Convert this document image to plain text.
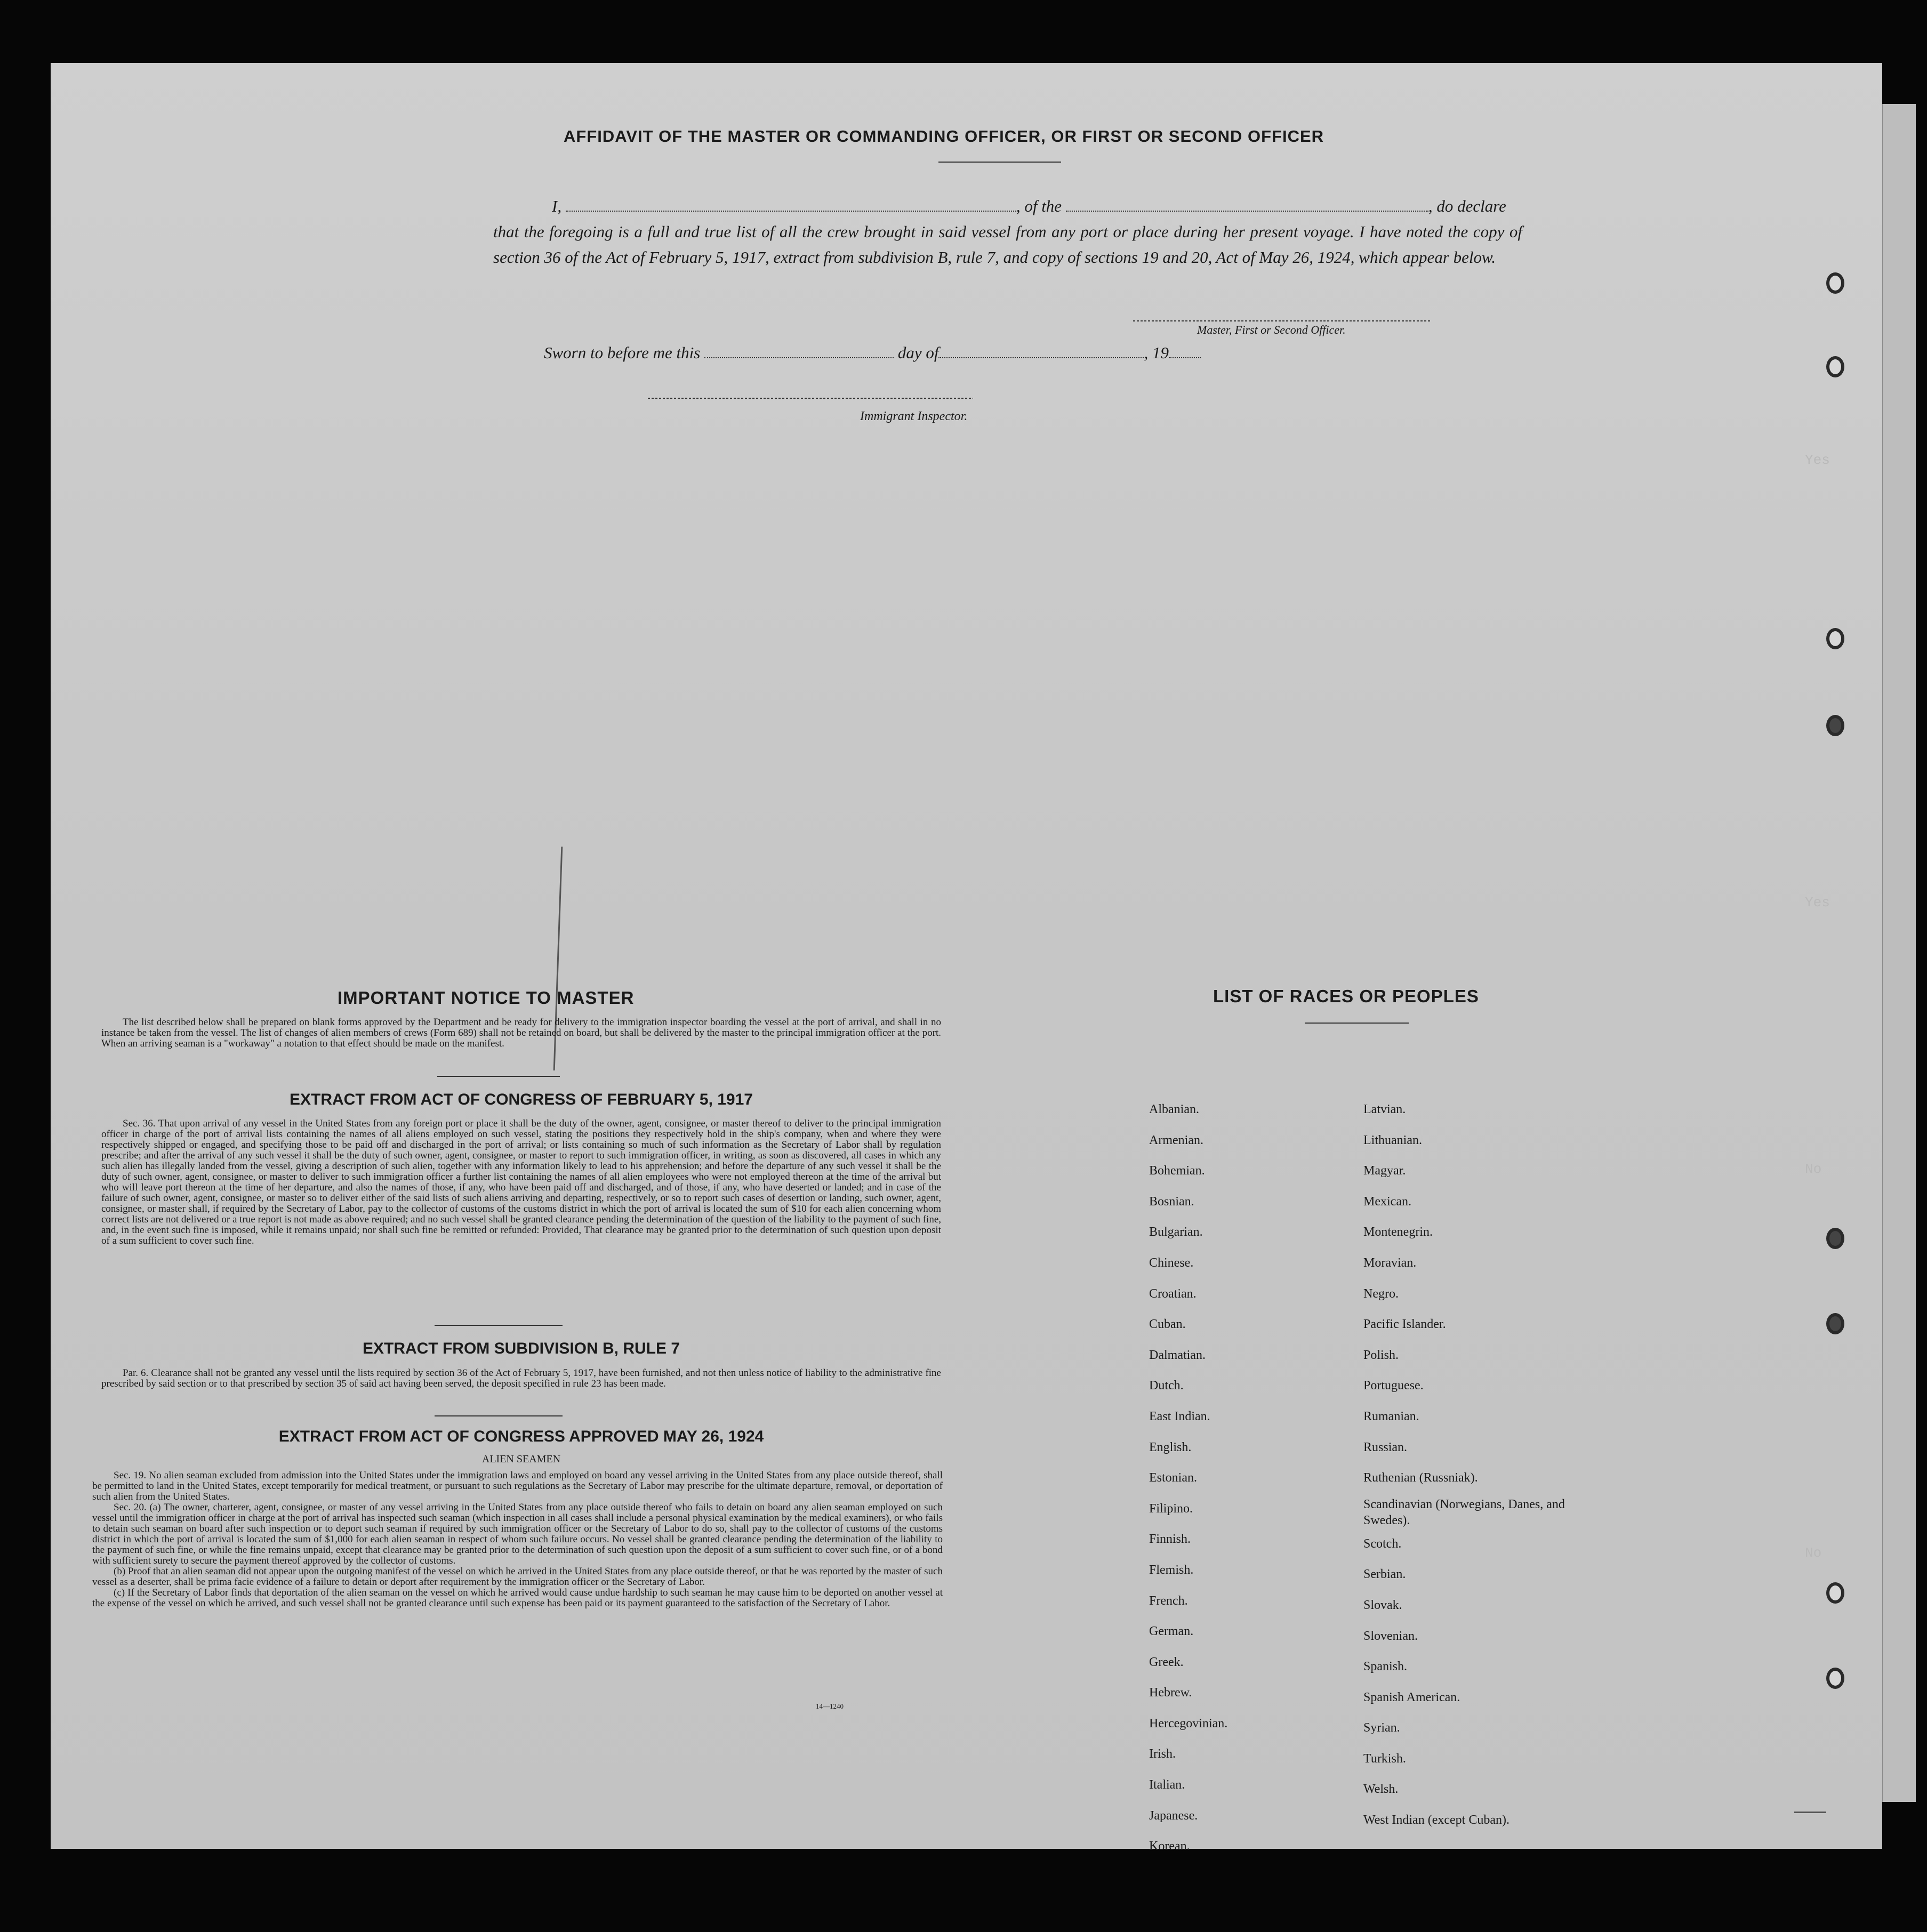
Yes
Yes
No
No
AFFIDAVIT OF THE MASTER OR COMMANDING OFFICER, OR FIRST OR SECOND OFFICER
I,	, of the	, do declare
that the foregoing is a full and true list of all the crew brought in said vessel from any port or place during her present voyage. I have noted the copy of section 36 of the Act of February 5, 1917, extract from subdivision B, rule 7, and copy of sections 19 and 20, Act of May 26, 1924, which appear below.
Master, First or Second Officer.
Sworn to before me this	day of	, 19
Immigrant Inspector.
IMPORTANT NOTICE TO MASTER

The list described below shall be prepared on blank forms approved by the Department and be ready for delivery to the immigration inspector boarding the vessel at the port of arrival, and shall in no instance be taken from the vessel. The list of changes of alien members of crews (Form 689) shall not be retained on board, but shall be delivered by the master to the principal immigration officer at the port. When an arriving seaman is a "workaway" a notation to that effect should be made on the manifest.

EXTRACT FROM ACT OF CONGRESS OF FEBRUARY 5, 1917

Sec. 36. That upon arrival of any vessel in the United States from any foreign port or place it shall be the duty of the owner, agent, consignee, or master thereof to deliver to the principal immigration officer in charge of the port of arrival lists containing the names of all aliens employed on such vessel, stating the positions they respectively hold in the ship's company, when and where they were respectively shipped or engaged, and specifying those to be paid off and discharged in the port of arrival; or lists containing so much of such information as the Secretary of Labor shall by regulation prescribe; and after the arrival of any such vessel it shall be the duty of such owner, agent, consignee, or master to report to such immigration officer, in writing, as soon as discovered, all cases in which any such alien has illegally landed from the vessel, giving a description of such alien, together with any information likely to lead to his apprehension; and before the departure of any such vessel it shall be the duty of such owner, agent, consignee, or master to deliver to such immigration officer a further list containing the names of all alien employees who were not employed thereon at the time of the arrival but who will leave port thereon at the time of her departure, and also the names of those, if any, who have been paid off and discharged, and of those, if any, who have deserted or landed; and in case of the failure of such owner, agent, consignee, or master so to deliver either of the said lists of such aliens arriving and departing, respectively, or so to report such cases of desertion or landing, such owner, agent, consignee, or master shall, if required by the Secretary of Labor, pay to the collector of customs of the customs district in which the port of arrival is located the sum of $10 for each alien concerning whom correct lists are not delivered or a true report is not made as above required; and no such vessel shall be granted clearance pending the determination of the question of the liability to the payment of such fine, and, in the event such fine is imposed, while it remains unpaid; nor shall such fine be remitted or refunded: Provided, That clearance may be granted prior to the determination of such question upon deposit of a sum sufficient to cover such fine.

EXTRACT FROM SUBDIVISION B, RULE 7

Par. 6. Clearance shall not be granted any vessel until the lists required by section 36 of the Act of February 5, 1917, have been furnished, and not then unless notice of liability to the administrative fine prescribed by said section or to that prescribed by section 35 of said act having been served, the deposit specified in rule 23 has been made.

EXTRACT FROM ACT OF CONGRESS APPROVED MAY 26, 1924
ALIEN SEAMEN

Sec. 19. No alien seaman excluded from admission into the United States under the immigration laws and employed on board any vessel arriving in the United States from any place outside thereof, shall be permitted to land in the United States, except temporarily for medical treatment, or pursuant to such regulations as the Secretary of Labor may prescribe for the ultimate departure, removal, or deportation of such alien from the United States.

Sec. 20. (a) The owner, charterer, agent, consignee, or master of any vessel arriving in the United States from any place outside thereof who fails to detain on board any alien seaman employed on such vessel until the immigration officer in charge at the port of arrival has inspected such seaman (which inspection in all cases shall include a personal physical examination by the medical examiners), or who fails to detain such seaman on board after such inspection or to deport such seaman if required by such immigration officer or the Secretary of Labor to do so, shall pay to the collector of customs of the customs district in which the port of arrival is located the sum of $1,000 for each alien seaman in respect of whom such failure occurs. No vessel shall be granted clearance pending the determination of the liability to the payment of such fine, or while the fine remains unpaid, except that clearance may be granted prior to the determination of such question upon the deposit of a sum sufficient to cover such fine, or of a bond with sufficient surety to secure the payment thereof approved by the collector of customs.

(b) Proof that an alien seaman did not appear upon the outgoing manifest of the vessel on which he arrived in the United States from any place outside thereof, or that he was reported by the master of such vessel as a deserter, shall be prima facie evidence of a failure to detain or deport after requirement by the immigration officer or the Secretary of Labor.

(c) If the Secretary of Labor finds that deportation of the alien seaman on the vessel on which he arrived would cause undue hardship to such seaman he may cause him to be deported on another vessel at the expense of the vessel on which he arrived, and such vessel shall not be granted clearance until such expense has been paid or its payment guaranteed to the satisfaction of the Secretary of Labor.

14—1240
LIST OF RACES OR PEOPLES
Albanian.
Armenian.
Bohemian.
Bosnian.
Bulgarian.
Chinese.
Croatian.
Cuban.
Dalmatian.
Dutch.
East Indian.
English.
Estonian.
Filipino.
Finnish.
Flemish.
French.
German.
Greek.
Hebrew.
Hercegovinian.
Irish.
Italian.
Japanese.
Korean.
Latvian.
Lithuanian.
Magyar.
Mexican.
Montenegrin.
Moravian.
Negro.
Pacific Islander.
Polish.
Portuguese.
Rumanian.
Russian.
Ruthenian (Russniak).
Scandinavian (Norwegians, Danes, and Swedes).
Scotch.
Serbian.
Slovak.
Slovenian.
Spanish.
Spanish American.
Syrian.
Turkish.
Welsh.
West Indian (except Cuban).
